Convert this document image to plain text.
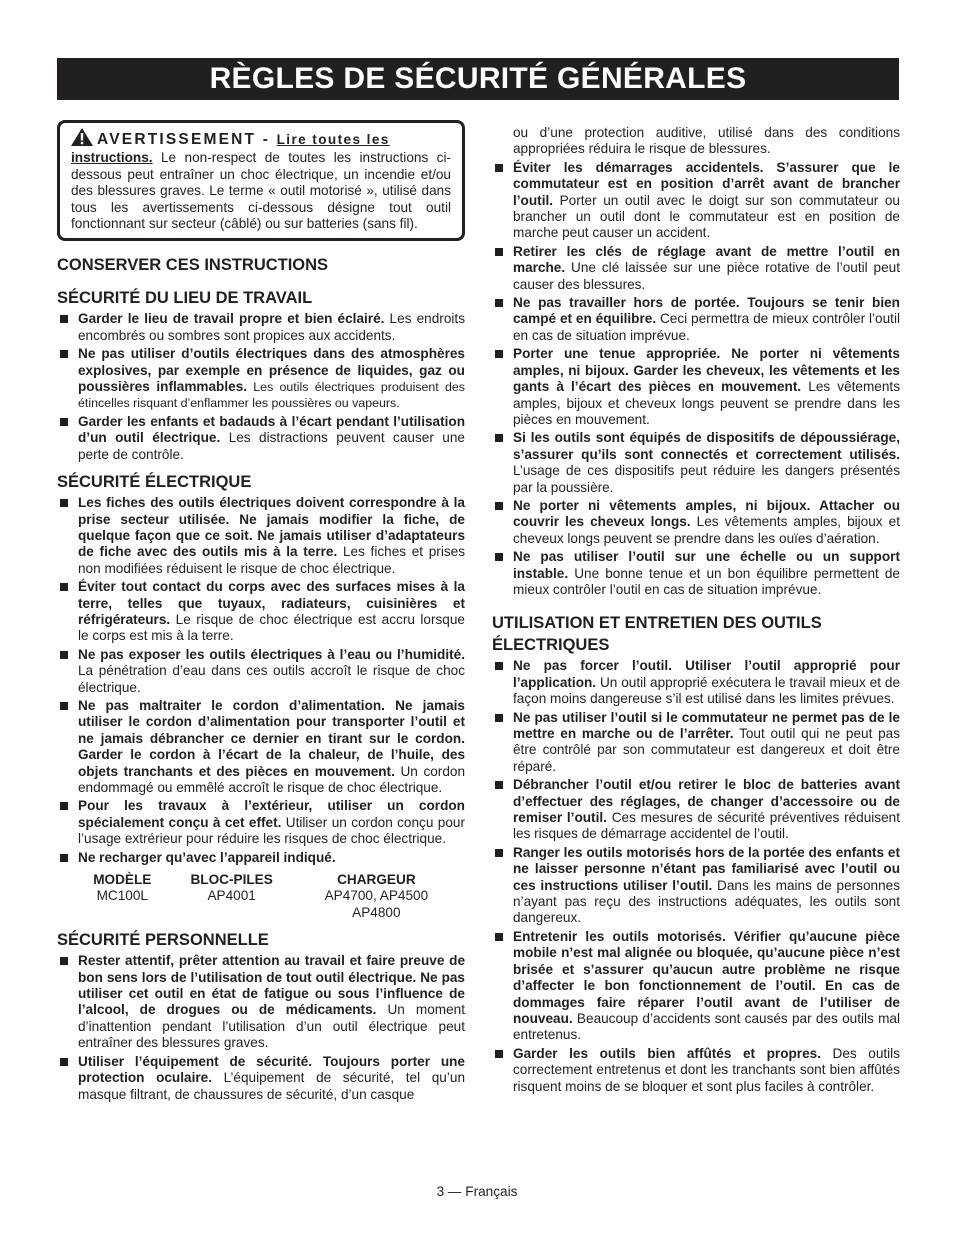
RÈGLES DE SÉCURITÉ GÉNÉRALES
AVERTISSEMENT - Lire toutes les
instructions. Le non-respect de toutes les instructions ci-dessous peut entraîner un choc électrique, un incendie et/ou des blessures graves. Le terme « outil motorisé », utilisé dans tous les avertissements ci-dessous désigne tout outil fonctionnant sur secteur (câblé) ou sur batteries (sans fil).
CONSERVER CES INSTRUCTIONS
SÉCURITÉ DU LIEU DE TRAVAIL
Garder le lieu de travail propre et bien éclairé. Les endroits encombrés ou sombres sont propices aux accidents.
Ne pas utiliser d’outils électriques dans des atmosphères explosives, par exemple en présence de liquides, gaz ou poussières inflammables. Les outils électriques produisent des étincelles risquant d’enflammer les poussières ou vapeurs.
Garder les enfants et badauds à l’écart pendant l’utilisation d’un outil électrique. Les distractions peuvent causer une perte de contrôle.
SÉCURITÉ ÉLECTRIQUE
Les fiches des outils électriques doivent correspondre à la prise secteur utilisée. Ne jamais modifier la fiche, de quelque façon que ce soit. Ne jamais utiliser d’adaptateurs de fiche avec des outils mis à la terre. Les fiches et prises non modifiées réduisent le risque de choc électrique.
Éviter tout contact du corps avec des surfaces mises à la terre, telles que tuyaux, radiateurs, cuisinières et réfrigérateurs. Le risque de choc électrique est accru lorsque le corps est mis à la terre.
Ne pas exposer les outils électriques à l’eau ou l’humidité. La pénétration d’eau dans ces outils accroît le risque de choc électrique.
Ne pas maltraiter le cordon d’alimentation. Ne jamais utiliser le cordon d’alimentation pour transporter l’outil et ne jamais débrancher ce dernier en tirant sur le cordon. Garder le cordon à l’écart de la chaleur, de l’huile, des objets tranchants et des pièces en mouvement. Un cordon endommagé ou emmêlé accroît le risque de choc électrique.
Pour les travaux à l’extérieur, utiliser un cordon spécialement conçu à cet effet. Utiliser un cordon conçu pour l’usage extrérieur pour réduire les risques de choc électrique.
Ne recharger qu’avec l’appareil indiqué.
MODÈLE	BLOC-PILES	CHARGEUR
MC100L	AP4001	AP4700, AP4500
AP4800
SÉCURITÉ PERSONNELLE
Rester attentif, prêter attention au travail et faire preuve de bon sens lors de l’utilisation de tout outil électrique. Ne pas utiliser cet outil en état de fatigue ou sous l’influence de l’alcool, de drogues ou de médicaments. Un moment d’inattention pendant l’utilisation d’un outil électrique peut entraîner des blessures graves.
Utiliser l’équipement de sécurité. Toujours porter une protection oculaire. L’équipement de sécurité, tel qu’un masque filtrant, de chaussures de sécurité, d’un casque
ou d’une protection auditive, utilisé dans des conditions appropriées réduira le risque de blessures.
Éviter les démarrages accidentels. S’assurer que le commutateur est en position d’arrêt avant de brancher l’outil. Porter un outil avec le doigt sur son commutateur ou brancher un outil dont le commutateur est en position de marche peut causer un accident.
Retirer les clés de réglage avant de mettre l’outil en marche. Une clé laissée sur une pièce rotative de l’outil peut causer des blessures.
Ne pas travailler hors de portée. Toujours se tenir bien campé et en équilibre. Ceci permettra de mieux contrôler l’outil en cas de situation imprévue.
Porter une tenue appropriée. Ne porter ni vêtements amples, ni bijoux. Garder les cheveux, les vêtements et les gants à l’écart des pièces en mouvement. Les vêtements amples, bijoux et cheveux longs peuvent se prendre dans les pièces en mouvement.
Si les outils sont équipés de dispositifs de dépoussiérage, s’assurer qu’ils sont connectés et correctement utilisés. L’usage de ces dispositifs peut réduire les dangers présentés par la poussière.
Ne porter ni vêtements amples, ni bijoux. Attacher ou couvrir les cheveux longs. Les vêtements amples, bijoux et cheveux longs peuvent se prendre dans les ouïes d’aération.
Ne pas utiliser l’outil sur une échelle ou un support instable. Une bonne tenue et un bon équilibre permettent de mieux contrôler l’outil en cas de situation imprévue.
UTILISATION ET ENTRETIEN DES OUTILS
ÉLECTRIQUES
Ne pas forcer l’outil. Utiliser l’outil approprié pour l’application. Un outil approprié exécutera le travail mieux et de façon moins dangereuse s’il est utilisé dans les limites prévues.
Ne pas utiliser l’outil si le commutateur ne permet pas de le mettre en marche ou de l’arrêter. Tout outil qui ne peut pas être contrôlé par son commutateur est dangereux et doit être réparé.
Débrancher l’outil et/ou retirer le bloc de batteries avant d’effectuer des réglages, de changer d’accessoire ou de remiser l’outil. Ces mesures de sécurité préventives réduisent les risques de démarrage accidentel de l’outil.
Ranger les outils motorisés hors de la portée des enfants et ne laisser personne n’étant pas familiarisé avec l’outil ou ces instructions utiliser l’outil. Dans les mains de personnes n’ayant pas reçu des instructions adéquates, les outils sont dangereux.
Entretenir les outils motorisés. Vérifier qu’aucune pièce mobile n’est mal alignée ou bloquée, qu’aucune pièce n’est brisée et s’assurer qu’aucun autre problème ne risque d’affecter le bon fonctionnement de l’outil. En cas de dommages faire réparer l’outil avant de l’utiliser de nouveau. Beaucoup d’accidents sont causés par des outils mal entretenus.
Garder les outils bien affûtés et propres. Des outils correctement entretenus et dont les tranchants sont bien affûtés risquent moins de se bloquer et sont plus faciles à contrôler.
3 — Français
